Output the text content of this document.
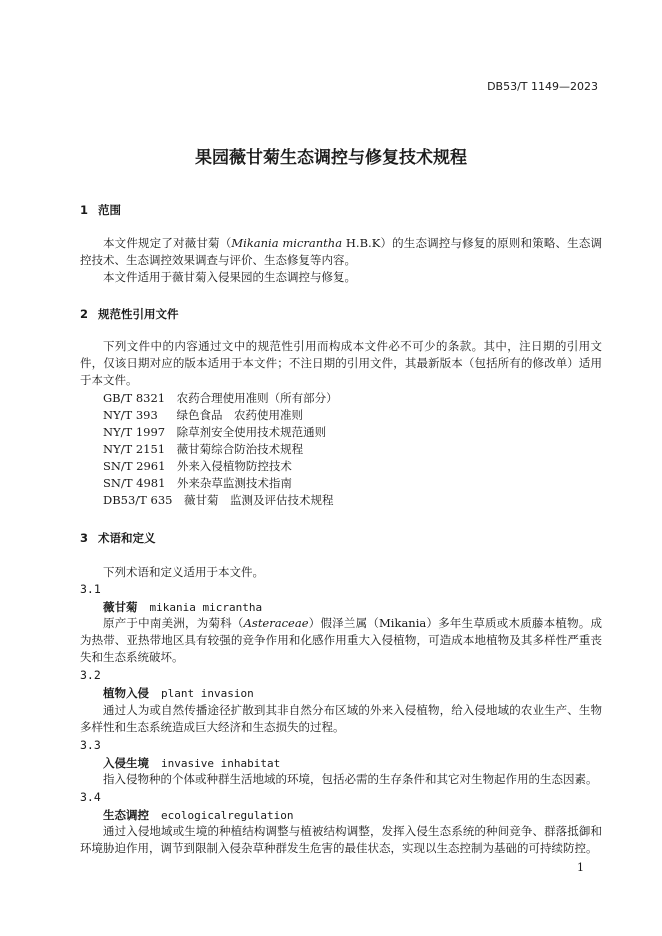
DB53/T 1149—2023
果园薇甘菊生态调控与修复技术规程
1 范围
本文件规定了对薇甘菊（Mikania micrantha H.B.K）的生态调控与修复的原则和策略、生态调控技术、生态调控效果调查与评价、生态修复等内容。
本文件适用于薇甘菊入侵果园的生态调控与修复。
2 规范性引用文件
下列文件中的内容通过文中的规范性引用而构成本文件必不可少的条款。其中，注日期的引用文件，仅该日期对应的版本适用于本文件；不注日期的引用文件，其最新版本（包括所有的修改单）适用于本文件。
GB/T 8321　 农药合理使用准则（所有部分）
NY/T 393　 绿色食品　农药使用准则
NY/T 1997　 除草剂安全使用技术规范通则
NY/T 2151　 薇甘菊综合防治技术规程
SN/T 2961　 外来入侵植物防控技术
SN/T 4981　 外来杂草监测技术指南
DB53/T 635　 薇甘菊　监测及评估技术规程
3 术语和定义
下列术语和定义适用于本文件。
3.1
薇甘菊 mikania micrantha
原产于中南美洲，为菊科（Asteraceae）假泽兰属（Mikania）多年生草质或木质藤本植物。成为热带、亚热带地区具有较强的竞争作用和化感作用重大入侵植物，可造成本地植物及其多样性严重丧失和生态系统破坏。
3.2
植物入侵 plant invasion
通过人为或自然传播途径扩散到其非自然分布区域的外来入侵植物，给入侵地域的农业生产、生物多样性和生态系统造成巨大经济和生态损失的过程。
3.3
入侵生境 invasive inhabitat
指入侵物种的个体或种群生活地域的环境，包括必需的生存条件和其它对生物起作用的生态因素。
3.4
生态调控 ecologicalregulation
通过入侵地域或生境的种植结构调整与植被结构调整，发挥入侵生态系统的种间竞争、群落抵御和环境胁迫作用，调节到限制入侵杂草种群发生危害的最佳状态，实现以生态控制为基础的可持续防控。
1
